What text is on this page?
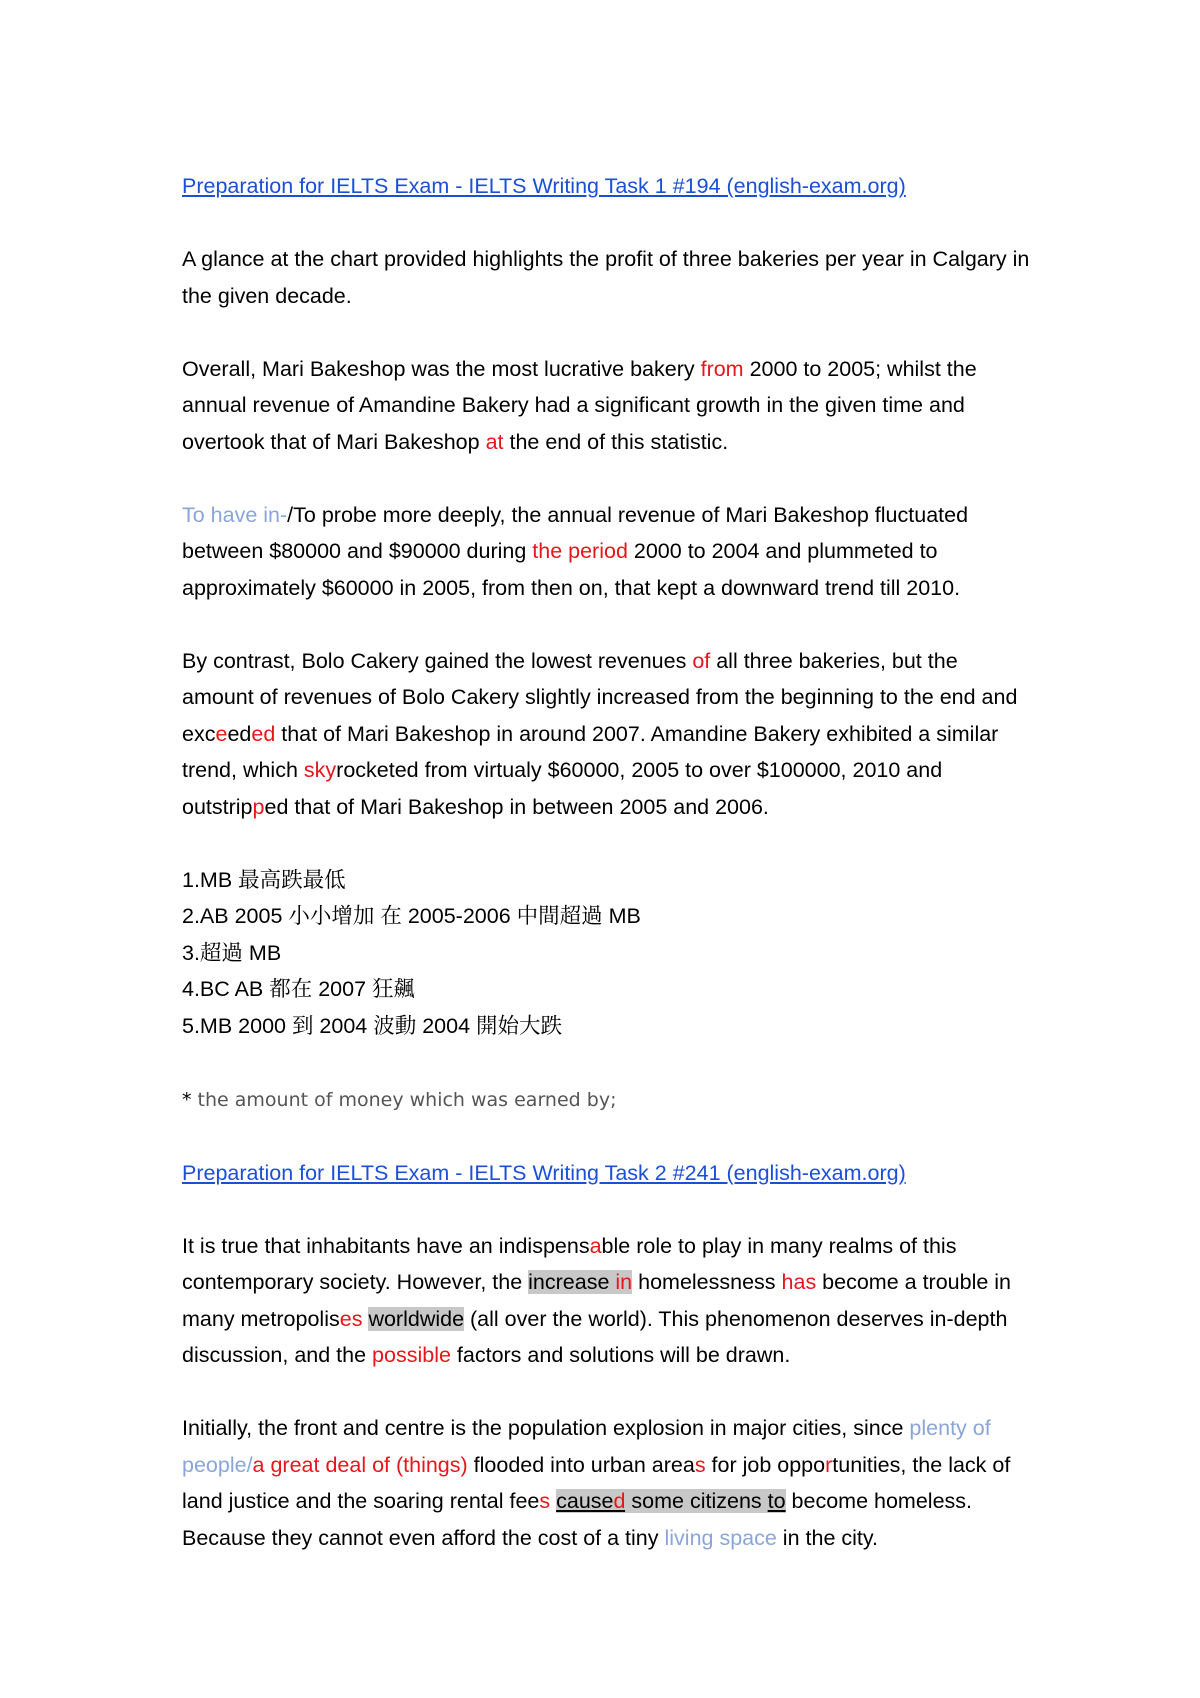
Preparation for IELTS Exam - IELTS Writing Task 1 #194 (english-exam.org)

A glance at the chart provided highlights the profit of three bakeries per year in Calgary in the given decade.

Overall, Mari Bakeshop was the most lucrative bakery from 2000 to 2005; whilst the annual revenue of Amandine Bakery had a significant growth in the given time and overtook that of Mari Bakeshop at the end of this statistic.

To have in-/To probe more deeply, the annual revenue of Mari Bakeshop fluctuated between $80000 and $90000 during the period 2000 to 2004 and plummeted to approximately $60000 in 2005, from then on, that kept a downward trend till 2010.

By contrast, Bolo Cakery gained the lowest revenues of all three bakeries, but the amount of revenues of Bolo Cakery slightly increased from the beginning to the end and exceeded that of Mari Bakeshop in around 2007. Amandine Bakery exhibited a similar trend, which skyrocketed from virtualy $60000, 2005 to over $100000, 2010 and outstripped that of Mari Bakeshop in between 2005 and 2006.

1.MB 最高跌最低
2.AB 2005 小小增加 在 2005-2006 中間超過 MB
3.超過 MB
4.BC AB 都在 2007 狂飆
5.MB 2000 到 2004 波動 2004 開始大跌

* the amount of money which was earned by;

Preparation for IELTS Exam - IELTS Writing Task 2 #241 (english-exam.org)

It is true that inhabitants have an indispensable role to play in many realms of this contemporary society. However, the increase in homelessness has become a trouble in many metropolises worldwide (all over the world). This phenomenon deserves in-depth discussion, and the possible factors and solutions will be drawn.

Initially, the front and centre is the population explosion in major cities, since plenty of people/a great deal of (things) flooded into urban areas for job opportunities, the lack of land justice and the soaring rental fees caused some citizens to become homeless. Because they cannot even afford the cost of a tiny living space in the city.
